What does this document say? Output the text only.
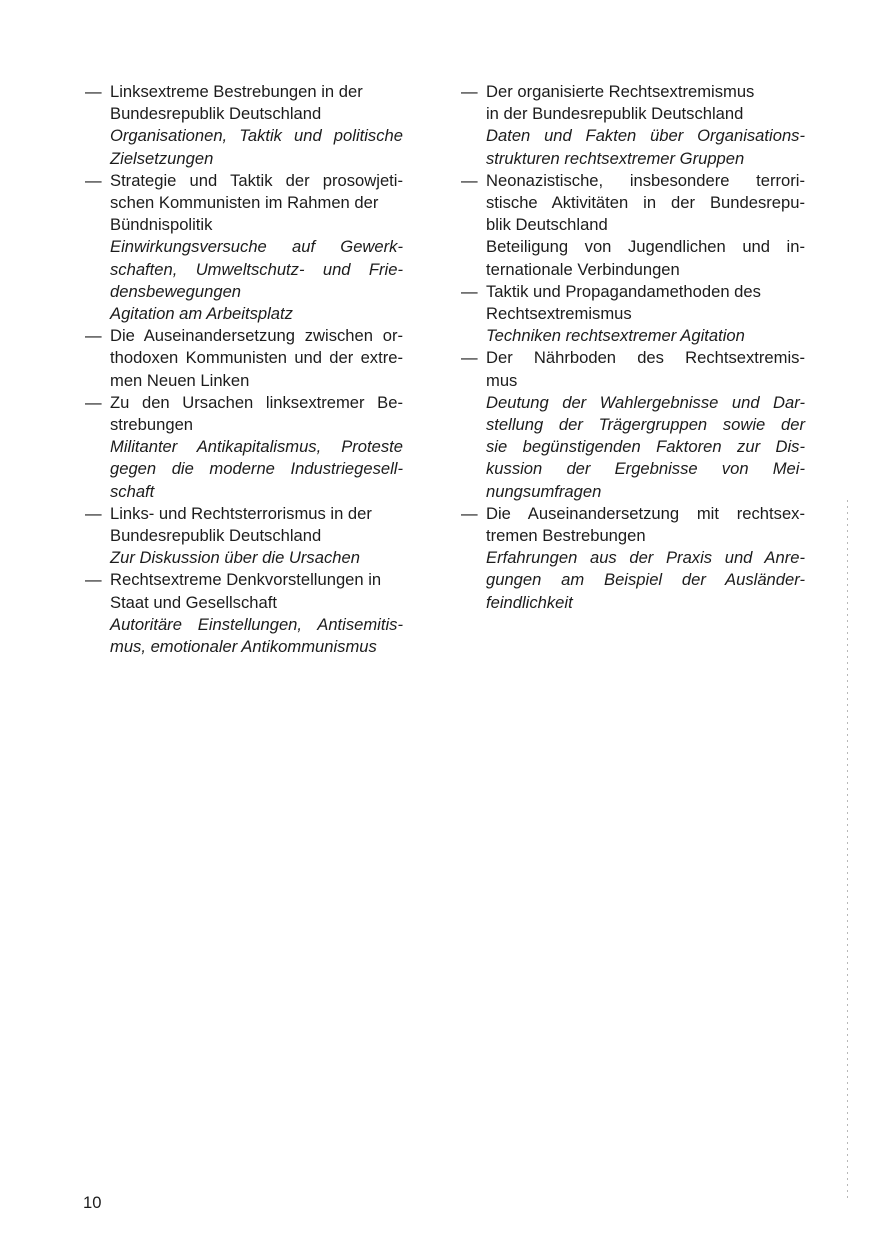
— Linksextreme Bestrebungen in der
Bundesrepublik Deutschland
Organisationen, Taktik und politische
Zielsetzungen
— Strategie und Taktik der prosowjeti-
schen Kommunisten im Rahmen der
Bündnispolitik
Einwirkungsversuche auf Gewerk-
schaften, Umweltschutz- und Frie-
densbewegungen
Agitation am Arbeitsplatz
— Die Auseinandersetzung zwischen or-
thodoxen Kommunisten und der extre-
men Neuen Linken
— Zu den Ursachen linksextremer Be-
strebungen
Militanter Antikapitalismus, Proteste
gegen die moderne Industriegesell-
schaft
— Links- und Rechtsterrorismus in der
Bundesrepublik Deutschland
Zur Diskussion über die Ursachen
— Rechtsextreme Denkvorstellungen in
Staat und Gesellschaft
Autoritäre Einstellungen, Antisemitis-
mus, emotionaler Antikommunismus
— Der organisierte Rechtsextremismus
in der Bundesrepublik Deutschland
Daten und Fakten über Organisations-
strukturen rechtsextremer Gruppen
— Neonazistische, insbesondere terrori-
stische Aktivitäten in der Bundesrepu-
blik Deutschland
Beteiligung von Jugendlichen und in-
ternationale Verbindungen
— Taktik und Propagandamethoden des
Rechtsextremismus
Techniken rechtsextremer Agitation
— Der Nährboden des Rechtsextremis-
mus
Deutung der Wahlergebnisse und Dar-
stellung der Trägergruppen sowie der
sie begünstigenden Faktoren zur Dis-
kussion der Ergebnisse von Mei-
nungsumfragen
— Die Auseinandersetzung mit rechtsex-
tremen Bestrebungen
Erfahrungen aus der Praxis und Anre-
gungen am Beispiel der Ausländer-
feindlichkeit
10
